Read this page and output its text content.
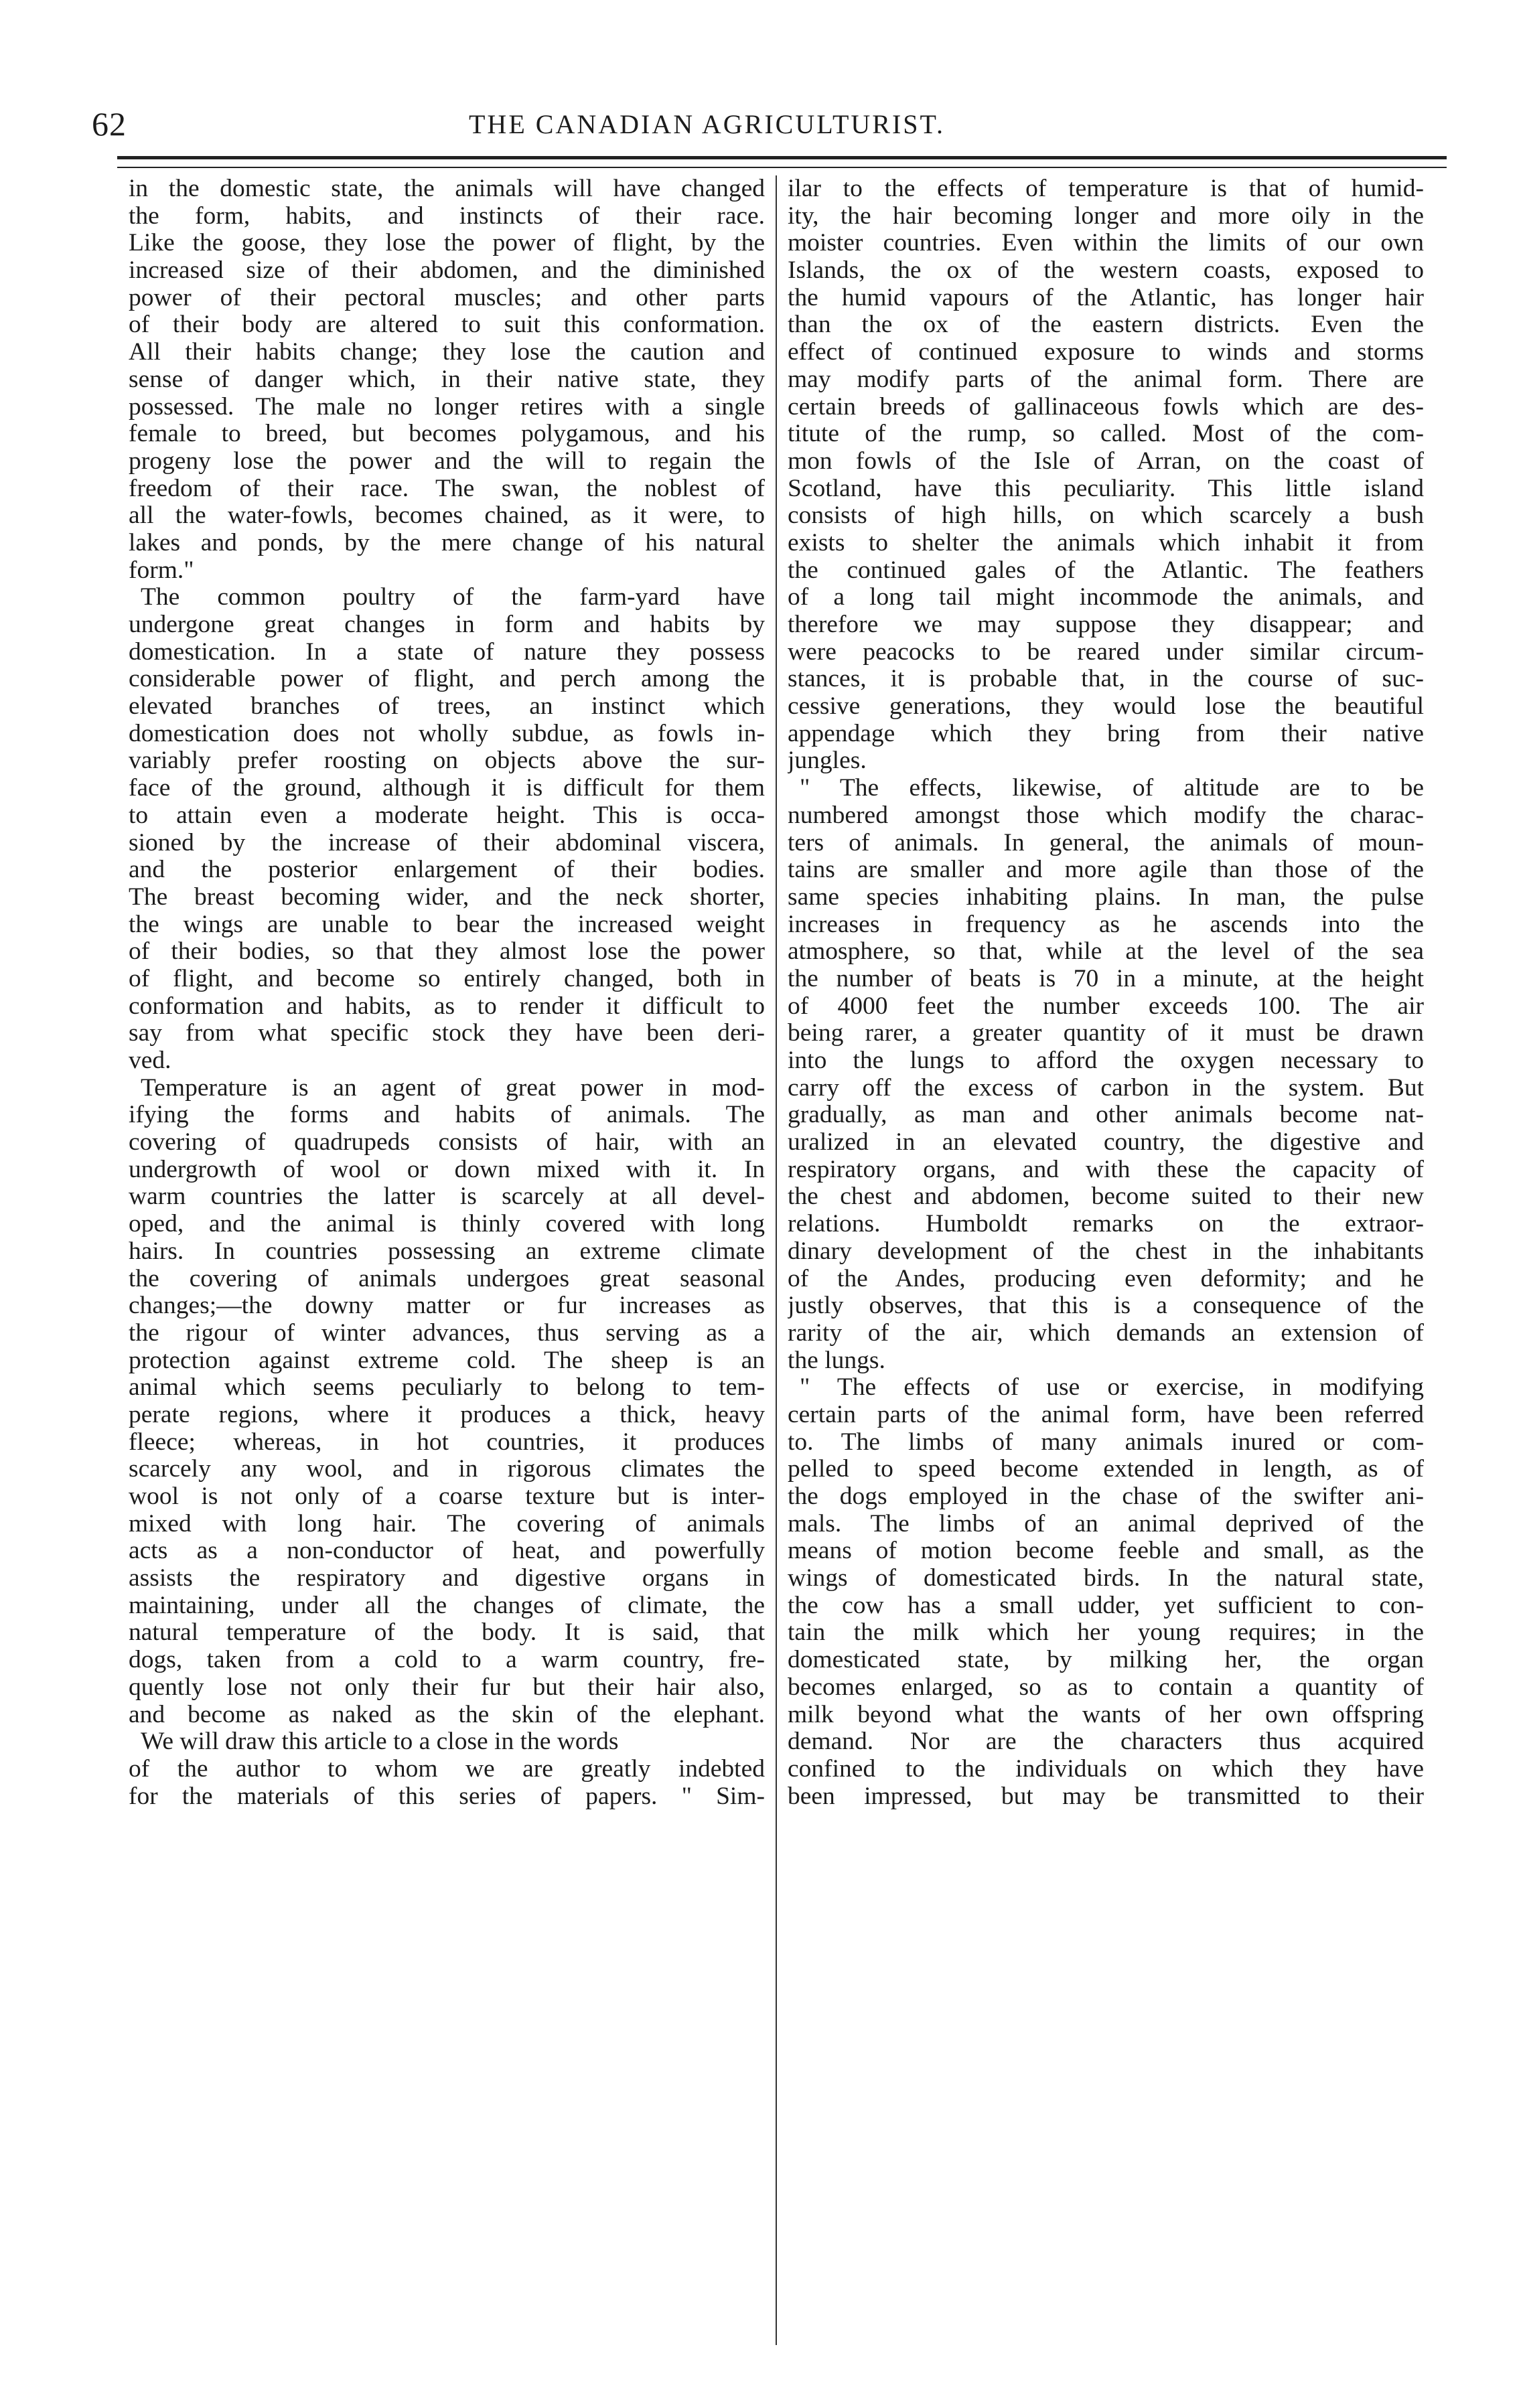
62	THE CANADIAN AGRICULTURIST.
in the domestic state, the animals will have changed
the form, habits, and instincts of their race.
Like the goose, they lose the power of flight, by the
increased size of their abdomen, and the diminished
power of their pectoral muscles; and other parts
of their body are altered to suit this conformation.
All their habits change; they lose the caution and
sense of danger which, in their native state, they
possessed. The male no longer retires with a single
female to breed, but becomes polygamous, and his
progeny lose the power and the will to regain the
freedom of their race. The swan, the noblest of
all the water-fowls, becomes chained, as it were, to
lakes and ponds, by the mere change of his natural
form."
The common poultry of the farm-yard have
undergone great changes in form and habits by
domestication. In a state of nature they possess
considerable power of flight, and perch among the
elevated branches of trees, an instinct which
domestication does not wholly subdue, as fowls in-
variably prefer roosting on objects above the sur-
face of the ground, although it is difficult for them
to attain even a moderate height. This is occa-
sioned by the increase of their abdominal viscera,
and the posterior enlargement of their bodies.
The breast becoming wider, and the neck shorter,
the wings are unable to bear the increased weight
of their bodies, so that they almost lose the power
of flight, and become so entirely changed, both in
conformation and habits, as to render it difficult to
say from what specific stock they have been deri-
ved.
Temperature is an agent of great power in mod-
ifying the forms and habits of animals. The
covering of quadrupeds consists of hair, with an
undergrowth of wool or down mixed with it. In
warm countries the latter is scarcely at all devel-
oped, and the animal is thinly covered with long
hairs. In countries possessing an extreme climate
the covering of animals undergoes great seasonal
changes;—the downy matter or fur increases as
the rigour of winter advances, thus serving as a
protection against extreme cold. The sheep is an
animal which seems peculiarly to belong to tem-
perate regions, where it produces a thick, heavy
fleece; whereas, in hot countries, it produces
scarcely any wool, and in rigorous climates the
wool is not only of a coarse texture but is inter-
mixed with long hair. The covering of animals
acts as a non-conductor of heat, and powerfully
assists the respiratory and digestive organs in
maintaining, under all the changes of climate, the
natural temperature of the body. It is said, that
dogs, taken from a cold to a warm country, fre-
quently lose not only their fur but their hair also,
and become as naked as the skin of the elephant.
We will draw this article to a close in the words
of the author to whom we are greatly indebted
for the materials of this series of papers. " Sim-
ilar to the effects of temperature is that of humid-
ity, the hair becoming longer and more oily in the
moister countries. Even within the limits of our own
Islands, the ox of the western coasts, exposed to
the humid vapours of the Atlantic, has longer hair
than the ox of the eastern districts. Even the
effect of continued exposure to winds and storms
may modify parts of the animal form. There are
certain breeds of gallinaceous fowls which are des-
titute of the rump, so called. Most of the com-
mon fowls of the Isle of Arran, on the coast of
Scotland, have this peculiarity. This little island
consists of high hills, on which scarcely a bush
exists to shelter the animals which inhabit it from
the continued gales of the Atlantic. The feathers
of a long tail might incommode the animals, and
therefore we may suppose they disappear; and
were peacocks to be reared under similar circum-
stances, it is probable that, in the course of suc-
cessive generations, they would lose the beautiful
appendage which they bring from their native
jungles.
" The effects, likewise, of altitude are to be
numbered amongst those which modify the charac-
ters of animals. In general, the animals of moun-
tains are smaller and more agile than those of the
same species inhabiting plains. In man, the pulse
increases in frequency as he ascends into the
atmosphere, so that, while at the level of the sea
the number of beats is 70 in a minute, at the height
of 4000 feet the number exceeds 100. The air
being rarer, a greater quantity of it must be drawn
into the lungs to afford the oxygen necessary to
carry off the excess of carbon in the system. But
gradually, as man and other animals become nat-
uralized in an elevated country, the digestive and
respiratory organs, and with these the capacity of
the chest and abdomen, become suited to their new
relations. Humboldt remarks on the extraor-
dinary development of the chest in the inhabitants
of the Andes, producing even deformity; and he
justly observes, that this is a consequence of the
rarity of the air, which demands an extension of
the lungs.
" The effects of use or exercise, in modifying
certain parts of the animal form, have been referred
to. The limbs of many animals inured or com-
pelled to speed become extended in length, as of
the dogs employed in the chase of the swifter ani-
mals. The limbs of an animal deprived of the
means of motion become feeble and small, as the
wings of domesticated birds. In the natural state,
the cow has a small udder, yet sufficient to con-
tain the milk which her young requires; in the
domesticated state, by milking her, the organ
becomes enlarged, so as to contain a quantity of
milk beyond what the wants of her own offspring
demand. Nor are the characters thus acquired
confined to the individuals on which they have
been impressed, but may be transmitted to their
